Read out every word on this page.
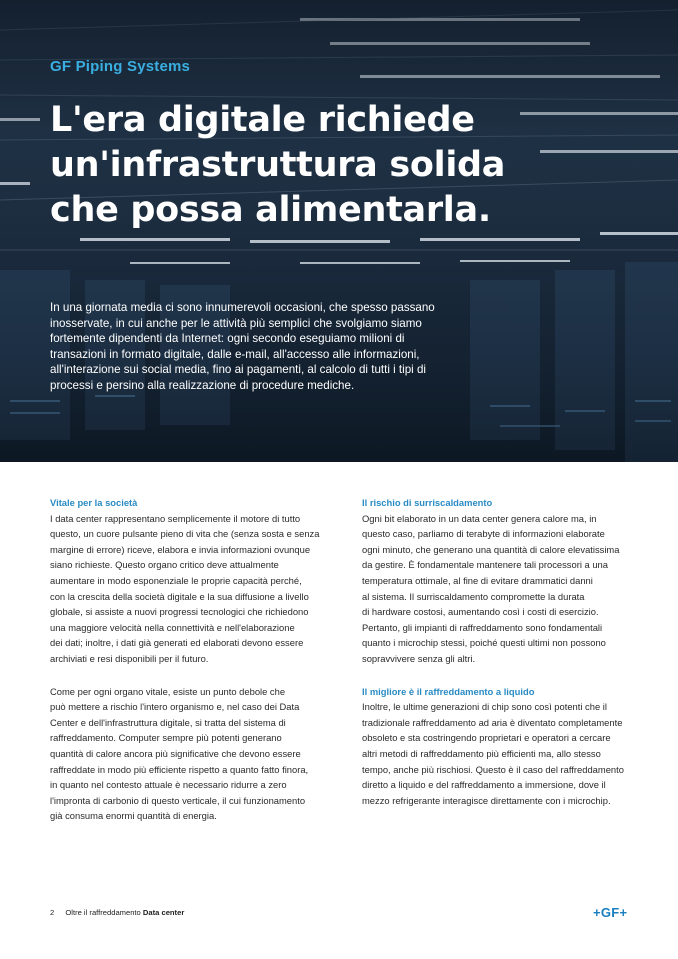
GF Piping Systems
L'era digitale richiede
un'infrastruttura solida
che possa alimentarla.

In una giornata media ci sono innumerevoli occasioni, che spesso passano
inosservate, in cui anche per le attività più semplici che svolgiamo siamo
fortemente dipendenti da Internet: ogni secondo eseguiamo milioni di
transazioni in formato digitale, dalle e-mail, all'accesso alle informazioni,
all'interazione sui social media, fino ai pagamenti, al calcolo di tutti i tipi di
processi e persino alla realizzazione di procedure mediche.

Vitale per la società

I data center rappresentano semplicemente il motore di tutto
questo, un cuore pulsante pieno di vita che (senza sosta e senza
margine di errore) riceve, elabora e invia informazioni ovunque
siano richieste. Questo organo critico deve attualmente
aumentare in modo esponenziale le proprie capacità perché,
con la crescita della società digitale e la sua diffusione a livello
globale, si assiste a nuovi progressi tecnologici che richiedono
una maggiore velocità nella connettività e nell'elaborazione
dei dati; inoltre, i dati già generati ed elaborati devono essere
archiviati e resi disponibili per il futuro.

Come per ogni organo vitale, esiste un punto debole che
può mettere a rischio l'intero organismo e, nel caso dei Data
Center e dell'infrastruttura digitale, si tratta del sistema di
raffreddamento. Computer sempre più potenti generano
quantità di calore ancora più significative che devono essere
raffreddate in modo più efficiente rispetto a quanto fatto finora,
in quanto nel contesto attuale è necessario ridurre a zero
l'impronta di carbonio di questo verticale, il cui funzionamento
già consuma enormi quantità di energia.

Il rischio di surriscaldamento

Ogni bit elaborato in un data center genera calore ma, in
questo caso, parliamo di terabyte di informazioni elaborate
ogni minuto, che generano una quantità di calore elevatissima
da gestire. È fondamentale mantenere tali processori a una
temperatura ottimale, al fine di evitare drammatici danni
al sistema. Il surriscaldamento compromette la durata
di hardware costosi, aumentando così i costi di esercizio.
Pertanto, gli impianti di raffreddamento sono fondamentali
quanto i microchip stessi, poiché questi ultimi non possono
sopravvivere senza gli altri.

Il migliore è il raffreddamento a liquido

Inoltre, le ultime generazioni di chip sono così potenti che il
tradizionale raffreddamento ad aria è diventato completamente
obsoleto e sta costringendo proprietari e operatori a cercare
altri metodi di raffreddamento più efficienti ma, allo stesso
tempo, anche più rischiosi. Questo è il caso del raffreddamento
diretto a liquido e del raffreddamento a immersione, dove il
mezzo refrigerante interagisce direttamente con i microchip.

2 Oltre il raffreddamento Data center	+GF+
